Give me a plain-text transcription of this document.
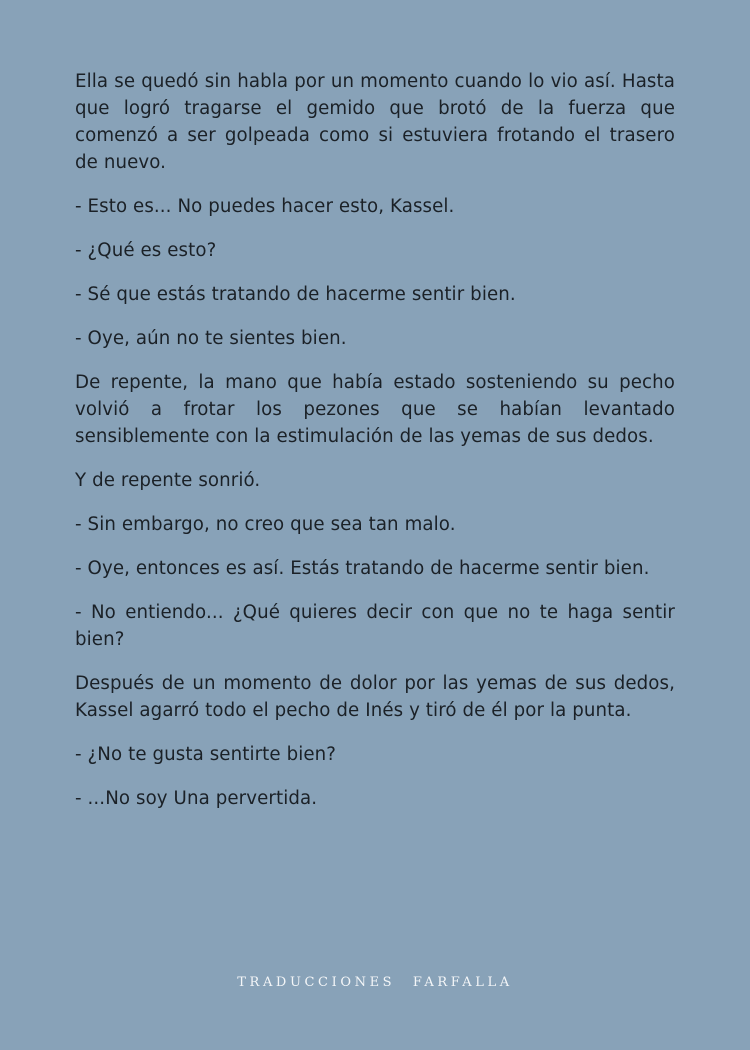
Ella se quedó sin habla por un momento cuando lo vio así. Hasta que logró tragarse el gemido que brotó de la fuerza que comenzó a ser golpeada como si estuviera frotando el trasero de nuevo.

- Esto es... No puedes hacer esto, Kassel.

- ¿Qué es esto?

- Sé que estás tratando de hacerme sentir bien.

- Oye, aún no te sientes bien.

De repente, la mano que había estado sosteniendo su pecho volvió a frotar los pezones que se habían levantado sensiblemente con la estimulación de las yemas de sus dedos.

Y de repente sonrió.

- Sin embargo, no creo que sea tan malo.

- Oye, entonces es así. Estás tratando de hacerme sentir bien.

- No entiendo... ¿Qué quieres decir con que no te haga sentir bien?

Después de un momento de dolor por las yemas de sus dedos, Kassel agarró todo el pecho de Inés y tiró de él por la punta.

- ¿No te gusta sentirte bien?

- ...No soy Una pervertida.

TRADUCCIONES FARFALLA
